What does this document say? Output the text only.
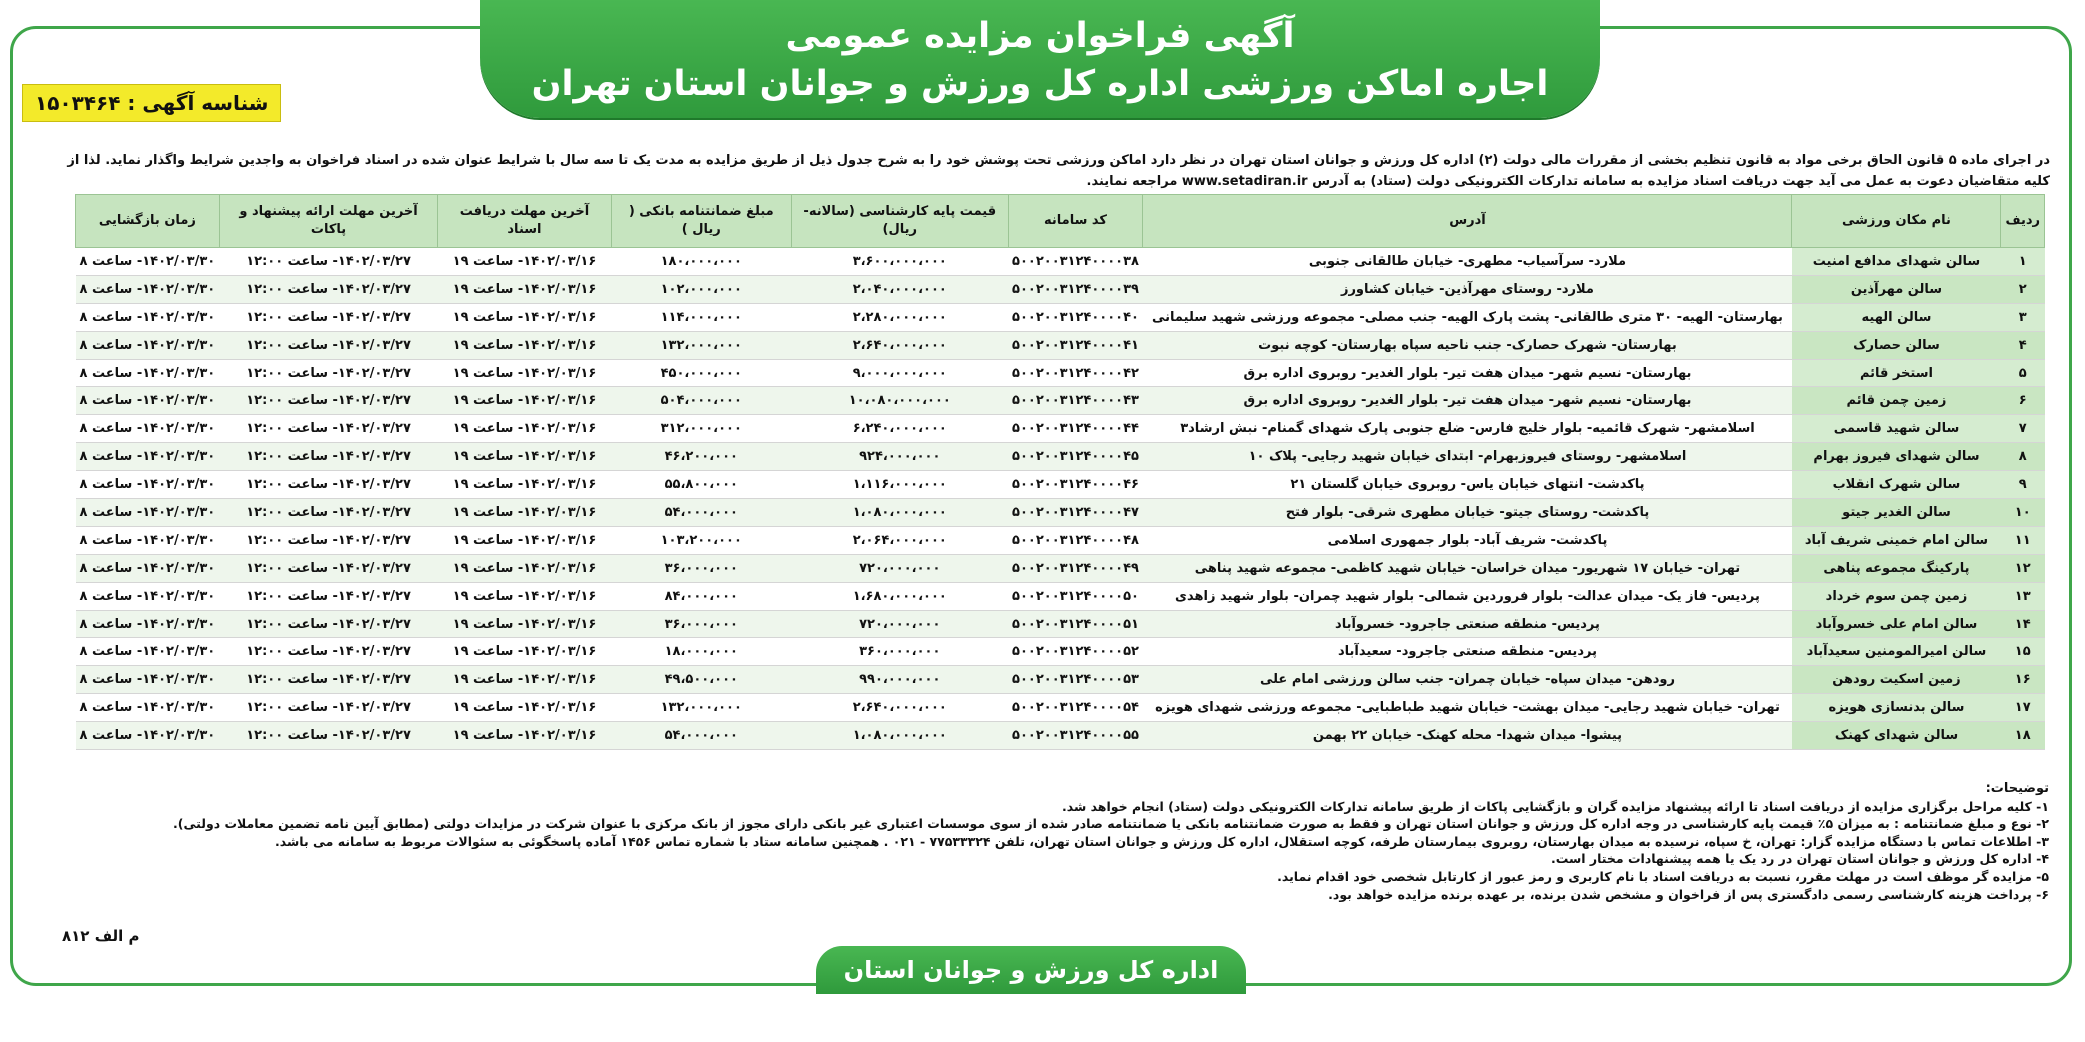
آگهی فراخوان مزایده عمومی
اجاره اماکن ورزشی اداره کل ورزش و جوانان استان تهران
شناسه آگهی : ۱۵۰۳۴۶۴
در اجرای ماده ۵ قانون الحاق برخی مواد به قانون تنظیم بخشی از مقررات مالی دولت (۲) اداره کل ورزش و جوانان استان تهران در نظر دارد اماکن ورزشی تحت پوشش خود را به شرح جدول ذیل از طریق مزایده به مدت یک تا سه سال با شرایط عنوان شده در اسناد فراخوان به واجدین شرایط واگذار نماید. لذا از کلیه متقاضیان دعوت به عمل می آید جهت دریافت اسناد مزایده به سامانه تدارکات الکترونیکی دولت (ستاد) به آدرس www.setadiran.ir مراجعه نمایند.
ردیف	نام مکان ورزشی	آدرس	کد سامانه	قیمت پایه کارشناسی (سالانه-ریال)	مبلغ ضمانتنامه بانکی ( ریال )	آخرین مهلت دریافت اسناد	آخرین مهلت ارائه پیشنهاد و پاکات	زمان بازگشایی
۱	سالن شهدای مدافع امنیت	ملارد- سرآسیاب- مطهری- خیابان طالقانی جنوبی	۵۰۰۲۰۰۳۱۲۴۰۰۰۰۳۸	۳،۶۰۰،۰۰۰،۰۰۰	۱۸۰،۰۰۰،۰۰۰	۱۴۰۲/۰۳/۱۶- ساعت ۱۹	۱۴۰۲/۰۳/۲۷- ساعت ۱۲:۰۰	۱۴۰۲/۰۳/۳۰- ساعت ۸
۲	سالن مهرآذین	ملارد- روستای مهرآذین- خیابان کشاورز	۵۰۰۲۰۰۳۱۲۴۰۰۰۰۳۹	۲،۰۴۰،۰۰۰،۰۰۰	۱۰۲،۰۰۰،۰۰۰	۱۴۰۲/۰۳/۱۶- ساعت ۱۹	۱۴۰۲/۰۳/۲۷- ساعت ۱۲:۰۰	۱۴۰۲/۰۳/۳۰- ساعت ۸
۳	سالن الهیه	بهارستان- الهیه- ۳۰ متری طالقانی- پشت پارک الهیه- جنب مصلی- مجموعه ورزشی شهید سلیمانی	۵۰۰۲۰۰۳۱۲۴۰۰۰۰۴۰	۲،۲۸۰،۰۰۰،۰۰۰	۱۱۴،۰۰۰،۰۰۰	۱۴۰۲/۰۳/۱۶- ساعت ۱۹	۱۴۰۲/۰۳/۲۷- ساعت ۱۲:۰۰	۱۴۰۲/۰۳/۳۰- ساعت ۸
۴	سالن حصارک	بهارستان- شهرک حصارک- جنب ناحیه سپاه بهارستان- کوچه نبوت	۵۰۰۲۰۰۳۱۲۴۰۰۰۰۴۱	۲،۶۴۰،۰۰۰،۰۰۰	۱۳۲،۰۰۰،۰۰۰	۱۴۰۲/۰۳/۱۶- ساعت ۱۹	۱۴۰۲/۰۳/۲۷- ساعت ۱۲:۰۰	۱۴۰۲/۰۳/۳۰- ساعت ۸
۵	استخر قائم	بهارستان- نسیم شهر- میدان هفت تیر- بلوار الغدیر- روبروی اداره برق	۵۰۰۲۰۰۳۱۲۴۰۰۰۰۴۲	۹،۰۰۰،۰۰۰،۰۰۰	۴۵۰،۰۰۰،۰۰۰	۱۴۰۲/۰۳/۱۶- ساعت ۱۹	۱۴۰۲/۰۳/۲۷- ساعت ۱۲:۰۰	۱۴۰۲/۰۳/۳۰- ساعت ۸
۶	زمین چمن قائم	بهارستان- نسیم شهر- میدان هفت تیر- بلوار الغدیر- روبروی اداره برق	۵۰۰۲۰۰۳۱۲۴۰۰۰۰۴۳	۱۰،۰۸۰،۰۰۰،۰۰۰	۵۰۴،۰۰۰،۰۰۰	۱۴۰۲/۰۳/۱۶- ساعت ۱۹	۱۴۰۲/۰۳/۲۷- ساعت ۱۲:۰۰	۱۴۰۲/۰۳/۳۰- ساعت ۸
۷	سالن شهید قاسمی	اسلامشهر- شهرک قائمیه- بلوار خلیج فارس- ضلع جنوبی پارک شهدای گمنام- نبش ارشاد۳	۵۰۰۲۰۰۳۱۲۴۰۰۰۰۴۴	۶،۲۴۰،۰۰۰،۰۰۰	۳۱۲،۰۰۰،۰۰۰	۱۴۰۲/۰۳/۱۶- ساعت ۱۹	۱۴۰۲/۰۳/۲۷- ساعت ۱۲:۰۰	۱۴۰۲/۰۳/۳۰- ساعت ۸
۸	سالن شهدای فیروز بهرام	اسلامشهر- روستای فیروزبهرام- ابتدای خیابان شهید رجایی- پلاک ۱۰	۵۰۰۲۰۰۳۱۲۴۰۰۰۰۴۵	۹۲۴،۰۰۰،۰۰۰	۴۶،۲۰۰،۰۰۰	۱۴۰۲/۰۳/۱۶- ساعت ۱۹	۱۴۰۲/۰۳/۲۷- ساعت ۱۲:۰۰	۱۴۰۲/۰۳/۳۰- ساعت ۸
۹	سالن شهرک انقلاب	پاکدشت- انتهای خیابان یاس- روبروی خیابان گلستان ۲۱	۵۰۰۲۰۰۳۱۲۴۰۰۰۰۴۶	۱،۱۱۶،۰۰۰،۰۰۰	۵۵،۸۰۰،۰۰۰	۱۴۰۲/۰۳/۱۶- ساعت ۱۹	۱۴۰۲/۰۳/۲۷- ساعت ۱۲:۰۰	۱۴۰۲/۰۳/۳۰- ساعت ۸
۱۰	سالن الغدیر جیتو	پاکدشت- روستای جیتو- خیابان مطهری شرقی- بلوار فتح	۵۰۰۲۰۰۳۱۲۴۰۰۰۰۴۷	۱،۰۸۰،۰۰۰،۰۰۰	۵۴،۰۰۰،۰۰۰	۱۴۰۲/۰۳/۱۶- ساعت ۱۹	۱۴۰۲/۰۳/۲۷- ساعت ۱۲:۰۰	۱۴۰۲/۰۳/۳۰- ساعت ۸
۱۱	سالن امام خمینی شریف آباد	پاکدشت- شریف آباد- بلوار جمهوری اسلامی	۵۰۰۲۰۰۳۱۲۴۰۰۰۰۴۸	۲،۰۶۴،۰۰۰،۰۰۰	۱۰۳،۲۰۰،۰۰۰	۱۴۰۲/۰۳/۱۶- ساعت ۱۹	۱۴۰۲/۰۳/۲۷- ساعت ۱۲:۰۰	۱۴۰۲/۰۳/۳۰- ساعت ۸
۱۲	پارکینگ مجموعه پناهی	تهران- خیابان ۱۷ شهریور- میدان خراسان- خیابان شهید کاظمی- مجموعه شهید پناهی	۵۰۰۲۰۰۳۱۲۴۰۰۰۰۴۹	۷۲۰،۰۰۰،۰۰۰	۳۶،۰۰۰،۰۰۰	۱۴۰۲/۰۳/۱۶- ساعت ۱۹	۱۴۰۲/۰۳/۲۷- ساعت ۱۲:۰۰	۱۴۰۲/۰۳/۳۰- ساعت ۸
۱۳	زمین چمن سوم خرداد	پردیس- فاز یک- میدان عدالت- بلوار فروردین شمالی- بلوار شهید چمران- بلوار شهید زاهدی	۵۰۰۲۰۰۳۱۲۴۰۰۰۰۵۰	۱،۶۸۰،۰۰۰،۰۰۰	۸۴،۰۰۰،۰۰۰	۱۴۰۲/۰۳/۱۶- ساعت ۱۹	۱۴۰۲/۰۳/۲۷- ساعت ۱۲:۰۰	۱۴۰۲/۰۳/۳۰- ساعت ۸
۱۴	سالن امام علی خسروآباد	پردیس- منطقه صنعتی جاجرود- خسروآباد	۵۰۰۲۰۰۳۱۲۴۰۰۰۰۵۱	۷۲۰،۰۰۰،۰۰۰	۳۶،۰۰۰،۰۰۰	۱۴۰۲/۰۳/۱۶- ساعت ۱۹	۱۴۰۲/۰۳/۲۷- ساعت ۱۲:۰۰	۱۴۰۲/۰۳/۳۰- ساعت ۸
۱۵	سالن امیرالمومنین سعیدآباد	پردیس- منطقه صنعتی جاجرود- سعیدآباد	۵۰۰۲۰۰۳۱۲۴۰۰۰۰۵۲	۳۶۰،۰۰۰،۰۰۰	۱۸،۰۰۰،۰۰۰	۱۴۰۲/۰۳/۱۶- ساعت ۱۹	۱۴۰۲/۰۳/۲۷- ساعت ۱۲:۰۰	۱۴۰۲/۰۳/۳۰- ساعت ۸
۱۶	زمین اسکیت رودهن	رودهن- میدان سپاه- خیابان چمران- جنب سالن ورزشی امام علی	۵۰۰۲۰۰۳۱۲۴۰۰۰۰۵۳	۹۹۰،۰۰۰،۰۰۰	۴۹،۵۰۰،۰۰۰	۱۴۰۲/۰۳/۱۶- ساعت ۱۹	۱۴۰۲/۰۳/۲۷- ساعت ۱۲:۰۰	۱۴۰۲/۰۳/۳۰- ساعت ۸
۱۷	سالن بدنسازی هویزه	تهران- خیابان شهید رجایی- میدان بهشت- خیابان شهید طباطبایی- مجموعه ورزشی شهدای هویزه	۵۰۰۲۰۰۳۱۲۴۰۰۰۰۵۴	۲،۶۴۰،۰۰۰،۰۰۰	۱۳۲،۰۰۰،۰۰۰	۱۴۰۲/۰۳/۱۶- ساعت ۱۹	۱۴۰۲/۰۳/۲۷- ساعت ۱۲:۰۰	۱۴۰۲/۰۳/۳۰- ساعت ۸
۱۸	سالن شهدای کهنک	پیشوا- میدان شهدا- محله کهنک- خیابان ۲۲ بهمن	۵۰۰۲۰۰۳۱۲۴۰۰۰۰۵۵	۱،۰۸۰،۰۰۰،۰۰۰	۵۴،۰۰۰،۰۰۰	۱۴۰۲/۰۳/۱۶- ساعت ۱۹	۱۴۰۲/۰۳/۲۷- ساعت ۱۲:۰۰	۱۴۰۲/۰۳/۳۰- ساعت ۸
توضیحات:
۱- کلیه مراحل برگزاری مزایده از دریافت اسناد تا ارائه پیشنهاد مزایده گران و بازگشایی پاکات از طریق سامانه تدارکات الکترونیکی دولت (ستاد) انجام خواهد شد.
۲- نوع و مبلغ ضمانتنامه : به میزان ۵٪ قیمت پایه کارشناسی در وجه اداره کل ورزش و جوانان استان تهران و فقط به صورت ضمانتنامه بانکی یا ضمانتنامه صادر شده از سوی موسسات اعتباری غیر بانکی دارای مجوز از بانک مرکزی با عنوان شرکت در مزایدات دولتی (مطابق آیین نامه تضمین معاملات دولتی).
۳- اطلاعات تماس با دستگاه مزایده گزار: تهران، خ سپاه، نرسیده به میدان بهارستان، روبروی بیمارستان طرفه، کوچه استقلال، اداره کل ورزش و جوانان استان تهران، تلفن ۷۷۵۳۳۳۲۴ - ۰۲۱ . همچنین سامانه ستاد با شماره تماس ۱۴۵۶ آماده پاسخگوئی به سئوالات مربوط به سامانه می باشد.
۴- اداره کل ورزش و جوانان استان تهران در رد یک یا همه پیشنهادات مختار است.
۵- مزایده گر موظف است در مهلت مقرر، نسبت به دریافت اسناد با نام کاربری و رمز عبور از کارتابل شخصی خود اقدام نماید.
۶- پرداخت هزینه کارشناسی رسمی دادگستری پس از فراخوان و مشخص شدن برنده، بر عهده برنده مزایده خواهد بود.
م الف ۸۱۲
اداره کل ورزش و جوانان استان تهران
